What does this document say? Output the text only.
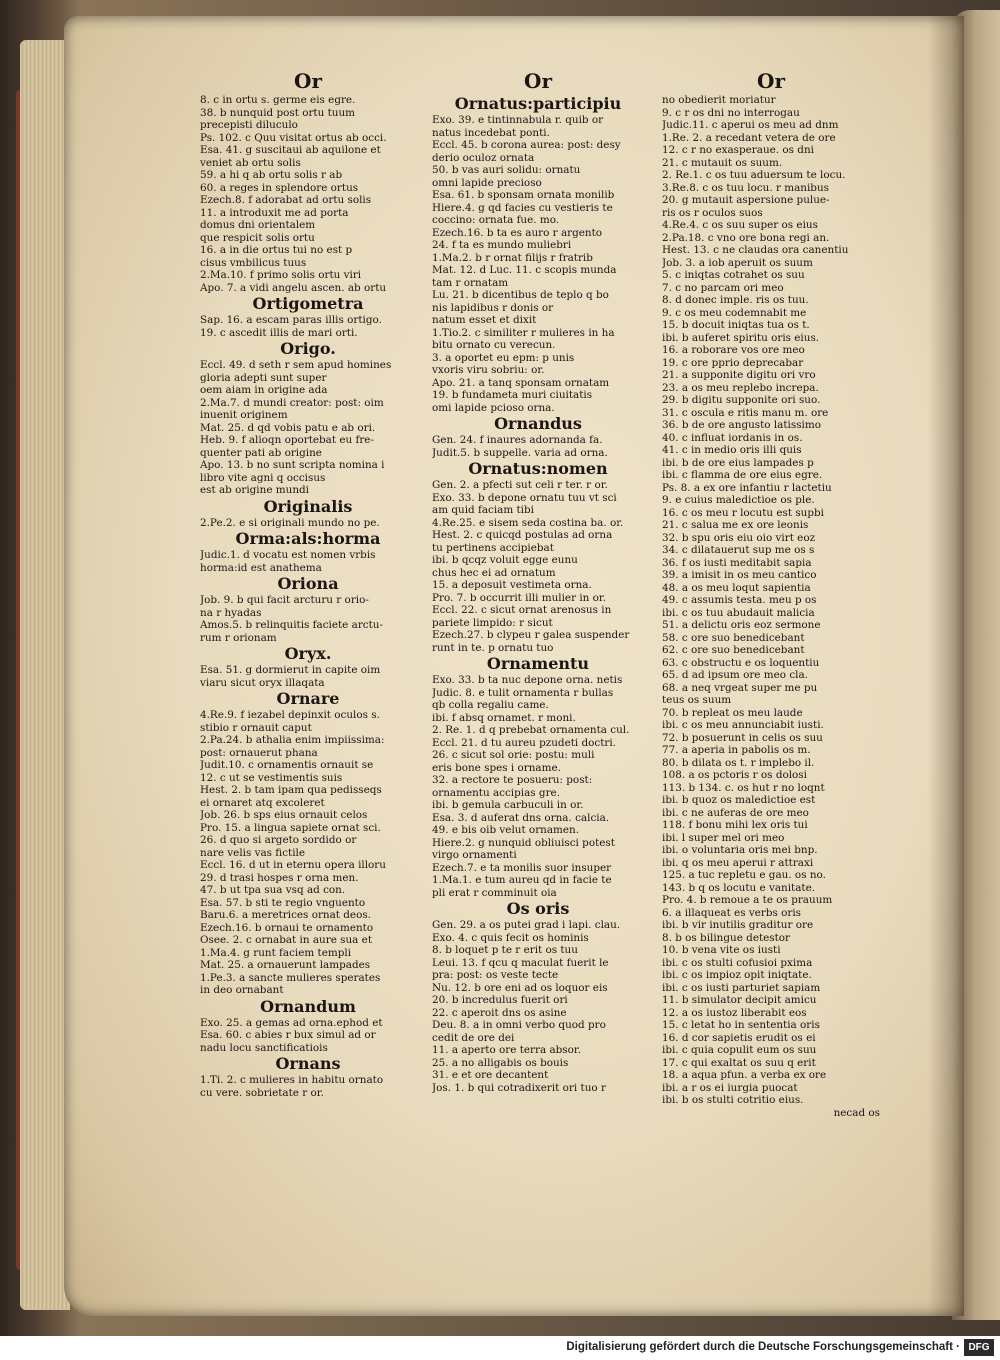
Or
8. c in ortu s. germe eis egre.
38. b nunquid post ortu tuum
precepisti diluculo
Ps. 102. c Quu visitat ortus ab occi.
Esa. 41. g suscitaui ab aquilone et
veniet ab ortu solis
59. a hi q ab ortu solis r ab
60. a reges in splendore ortus
Ezech.8. f adorabat ad ortu solis
11. a introduxit me ad porta
domus dni orientalem
que respicit solis ortu
16. a in die ortus tui no est p
cisus vmbilicus tuus
2.Ma.10. f primo solis ortu viri
Apo. 7. a vidi angelu ascen. ab ortu
Ortigometra
Sap. 16. a escam paras illis ortigo.
19. c ascedit illis de mari orti.
Origo.
Eccl. 49. d seth r sem apud homines
gloria adepti sunt super
oem aiam in origine ada
2.Ma.7. d mundi creator: post: oim
inuenit originem
Mat. 25. d qd vobis patu e ab ori.
Heb. 9. f alioqn oportebat eu fre-
quenter pati ab origine
Apo. 13. b no sunt scripta nomina i
libro vite agni q occisus
est ab origine mundi
Originalis
2.Pe.2. e si originali mundo no pe.
Orma:als:horma
Judic.1. d vocatu est nomen vrbis
horma:id est anathema
Oriona
Job. 9. b qui facit arcturu r orio-
na r hyadas
Amos.5. b relinquitis faciete arctu-
rum r orionam
Oryx.
Esa. 51. g dormierut in capite oim
viaru sicut oryx illaqata
Ornare
4.Re.9. f iezabel depinxit oculos s.
stibio r ornauit caput
2.Pa.24. b athalia enim impiissima:
post: ornauerut phana
Judit.10. c ornamentis ornauit se
12. c ut se vestimentis suis
Hest. 2. b tam ipam qua pedisseqs
ei ornaret atq excoleret
Job. 26. b sps eius ornauit celos
Pro. 15. a lingua sapiete ornat sci.
26. d quo si argeto sordido or
nare velis vas fictile
Eccl. 16. d ut in eternu opera illoru
29. d trasi hospes r orna men.
47. b ut tpa sua vsq ad con.
Esa. 57. b sti te regio vnguento
Baru.6. a meretrices ornat deos.
Ezech.16. b ornaui te ornamento
Osee. 2. c ornabat in aure sua et
1.Ma.4. g runt faciem templi
Mat. 25. a ornauerunt lampades
1.Pe.3. a sancte mulieres sperates
in deo ornabant
Ornandum
Exo. 25. a gemas ad orna.ephod et
Esa. 60. c abies r bux simul ad or
nadu locu sanctificatiois
Ornans
1.Ti. 2. c mulieres in habitu ornato
cu vere. sobrietate r or.
Or
Ornatus:participiu
Exo. 39. e tintinnabula r. quib or
natus incedebat ponti.
Eccl. 45. b corona aurea: post: desy
derio oculoz ornata
50. b vas auri solidu: ornatu
omni lapide precioso
Esa. 61. b sponsam ornata monilib
Hiere.4. g qd facies cu vestieris te
coccino: ornata fue. mo.
Ezech.16. b ta es auro r argento
24. f ta es mundo muliebri
1.Ma.2. b r ornat filijs r fratrib
Mat. 12. d Luc. 11. c scopis munda
tam r ornatam
Lu. 21. b dicentibus de teplo q bo
nis lapidibus r donis or
natum esset et dixit
1.Tio.2. c similiter r mulieres in ha
bitu ornato cu verecun.
3. a oportet eu epm: p unis
vxoris viru sobriu: or.
Apo. 21. a tanq sponsam ornatam
19. b fundameta muri ciuitatis
omi lapide pcioso orna.
Ornandus
Gen. 24. f inaures adornanda fa.
Judit.5. b suppelle. varia ad orna.
Ornatus:nomen
Gen. 2. a pfecti sut celi r ter. r or.
Exo. 33. b depone ornatu tuu vt sci
am quid faciam tibi
4.Re.25. e sisem seda costina ba. or.
Hest. 2. c quicqd postulas ad orna
tu pertinens accipiebat
ibi. b qcqz voluit egge eunu
chus hec ei ad ornatum
15. a deposuit vestimeta orna.
Pro. 7. b occurrit illi mulier in or.
Eccl. 22. c sicut ornat arenosus in
pariete limpido: r sicut
Ezech.27. b clypeu r galea suspender
runt in te. p ornatu tuo
Ornamentu
Exo. 33. b ta nuc depone orna. netis
Judic. 8. e tulit ornamenta r bullas
qb colla regaliu came.
ibi. f absq ornamet. r moni.
2. Re. 1. d q prebebat ornamenta cul.
Eccl. 21. d tu aureu pzudeti doctri.
26. c sicut sol orie: postu: muli
eris bone spes i orname.
32. a rectore te posueru: post:
ornamentu accipias gre.
ibi. b gemula carbuculi in or.
Esa. 3. d auferat dns orna. calcia.
49. e bis oib velut ornamen.
Hiere.2. g nunquid obliuisci potest
virgo ornamenti
Ezech.7. e ta monilis suor insuper
1.Ma.1. e tum aureu qd in facie te
pli erat r comminuit oia
Os oris
Gen. 29. a os putei grad i lapi. clau.
Exo. 4. c quis fecit os hominis
8. b loquet p te r erit os tuu
Leui. 13. f qcu q maculat fuerit le
pra: post: os veste tecte
Nu. 12. b ore eni ad os loquor eis
20. b incredulus fuerit ori
22. c aperoit dns os asine
Deu. 8. a in omni verbo quod pro
cedit de ore dei
11. a aperto ore terra absor.
25. a no alligabis os bouis
31. e et ore decantent
Jos. 1. b qui cotradixerit ori tuo r
Or
no obedierit moriatur
9. c r os dni no interrogau
Judic.11. c aperui os meu ad dnm
1.Re. 2. a recedant vetera de ore
12. c r no exasperaue. os dni
21. c mutauit os suum.
2. Re.1. c os tuu aduersum te locu.
3.Re.8. c os tuu locu. r manibus
20. g mutauit aspersione pulue-
ris os r oculos suos
4.Re.4. c os suu super os eius
2.Pa.18. c vno ore bona regi an.
Hest. 13. c ne claudas ora canentiu
Job. 3. a iob aperuit os suum
5. c iniqtas cotrahet os suu
7. c no parcam ori meo
8. d donec imple. ris os tuu.
9. c os meu codemnabit me
15. b docuit iniqtas tua os t.
ibi. b auferet spiritu oris eius.
16. a roborare vos ore meo
19. c ore pprio deprecabar
21. a supponite digitu ori vro
23. a os meu replebo increpa.
29. b digitu supponite ori suo.
31. c oscula e ritis manu m. ore
36. b de ore angusto latissimo
40. c influat iordanis in os.
41. c in medio oris illi quis
ibi. b de ore eius lampades p
ibi. c flamma de ore eius egre.
Ps. 8. a ex ore infantiu r lactetiu
9. e cuius maledictioe os ple.
16. c os meu r locutu est supbi
21. c salua me ex ore leonis
32. b spu oris eiu oio virt eoz
34. c dilatauerut sup me os s
36. f os iusti meditabit sapia
39. a imisit in os meu cantico
48. a os meu loqut sapientia
49. c assumis testa. meu p os
ibi. c os tuu abudauit malicia
51. a delictu oris eoz sermone
58. c ore suo benedicebant
62. c ore suo benedicebant
63. c obstructu e os loquentiu
65. d ad ipsum ore meo cla.
68. a neq vrgeat super me pu
teus os suum
70. b repleat os meu laude
ibi. c os meu annunciabit iusti.
72. b posuerunt in celis os suu
77. a aperia in pabolis os m.
80. b dilata os t. r implebo il.
108. a os pctoris r os dolosi
113. b 134. c. os hut r no loqnt
ibi. b quoz os maledictioe est
ibi. c ne auferas de ore meo
118. f bonu mihi lex oris tui
ibi. l super mel ori meo
ibi. o voluntaria oris mei bnp.
ibi. q os meu aperui r attraxi
125. a tuc repletu e gau. os no.
143. b q os locutu e vanitate.
Pro. 4. b remoue a te os prauum
6. a illaqueat es verbs oris
ibi. b vir inutilis graditur ore
8. b os bilingue detestor
10. b vena vite os iusti
ibi. c os stulti cofusioi pxima
ibi. c os impioz opit iniqtate.
ibi. c os iusti parturiet sapiam
11. b simulator decipit amicu
12. a os iustoz liberabit eos
15. c letat ho in sententia oris
16. d cor sapietis erudit os ei
ibi. c quia copulit eum os suu
17. c qui exaltat os suu q erit
18. a aqua pfun. a verba ex ore
ibi. a r os ei iurgia puocat
ibi. b os stulti cotritio eius.
necad os
Digitalisierung gefördert durch die Deutsche Forschungsgemeinschaft · DFG
